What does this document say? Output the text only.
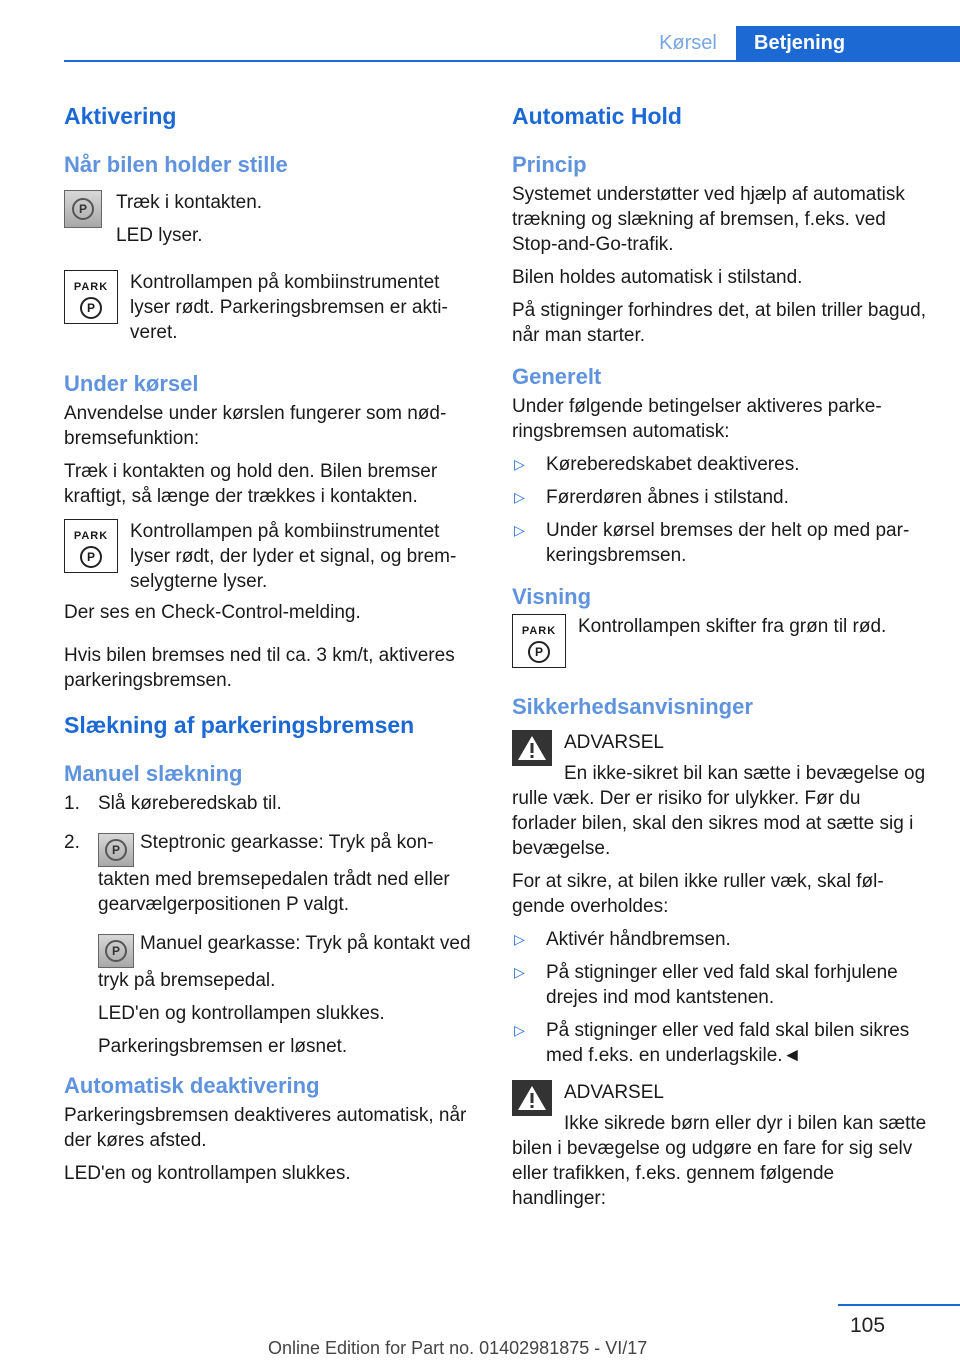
Kørsel	Betjening
Aktivering
Når bilen holder stille
P	Træk i kontakten.

LED lyser.

PARK
P

Kontrollampen på kombiinstrumentet lyser rødt. Parkeringsbremsen er aktiveret.

Under kørsel

Anvendelse under kørslen fungerer som nødbremsefunktion:

Træk i kontakten og hold den. Bilen bremser kraftigt, så længe der trækkes i kontakten.

PARK
P

Kontrollampen på kombiinstrumentet lyser rødt, der lyder et signal, og bremselygterne lyser.

Der ses en Check-Control-melding.

Hvis bilen bremses ned til ca. 3 km/t, aktiveres parkeringsbremsen.

Slækning af parkeringsbremsen
Manuel slækning
1. Slå køreberedskab til.
2.	P	Steptronic gearkasse: Tryk på kontakten med bremsepedalen trådt ned eller gearvælgerpositionen P valgt.
P	Manuel gearkasse: Tryk på kontakt ved tryk på bremsepedal.

LED'en og kontrollampen slukkes.

Parkeringsbremsen er løsnet.

Automatisk deaktivering

Parkeringsbremsen deaktiveres automatisk, når der køres afsted.

LED'en og kontrollampen slukkes.

Automatic Hold
Princip

Systemet understøtter ved hjælp af automatisk trækning og slækning af bremsen, f.eks. ved Stop-and-Go-trafik.

Bilen holdes automatisk i stilstand.

På stigninger forhindres det, at bilen triller bagud, når man starter.

Generelt

Under følgende betingelser aktiveres parkeringsbremsen automatisk:

▷ Køreberedskabet deaktiveres.
▷ Førerdøren åbnes i stilstand.
▷ Under kørsel bremses der helt op med parkeringsbremsen.
Visning
PARK
P

Kontrollampen skifter fra grøn til rød.

Sikkerhedsanvisninger

ADVARSEL

En ikke-sikret bil kan sætte i bevægelse og rulle væk. Der er risiko for ulykker. Før du forlader bilen, skal den sikres mod at sætte sig i bevægelse.

For at sikre, at bilen ikke ruller væk, skal følgende overholdes:

▷ Aktivér håndbremsen.
▷ På stigninger eller ved fald skal forhjulene drejes ind mod kantstenen.
▷ På stigninger eller ved fald skal bilen sikres med f.eks. en underlagskile.◄

ADVARSEL

Ikke sikrede børn eller dyr i bilen kan sætte bilen i bevægelse og udgøre en fare for sig selv eller trafikken, f.eks. gennem følgende handlinger:

105
Online Edition for Part no. 01402981875 - VI/17
